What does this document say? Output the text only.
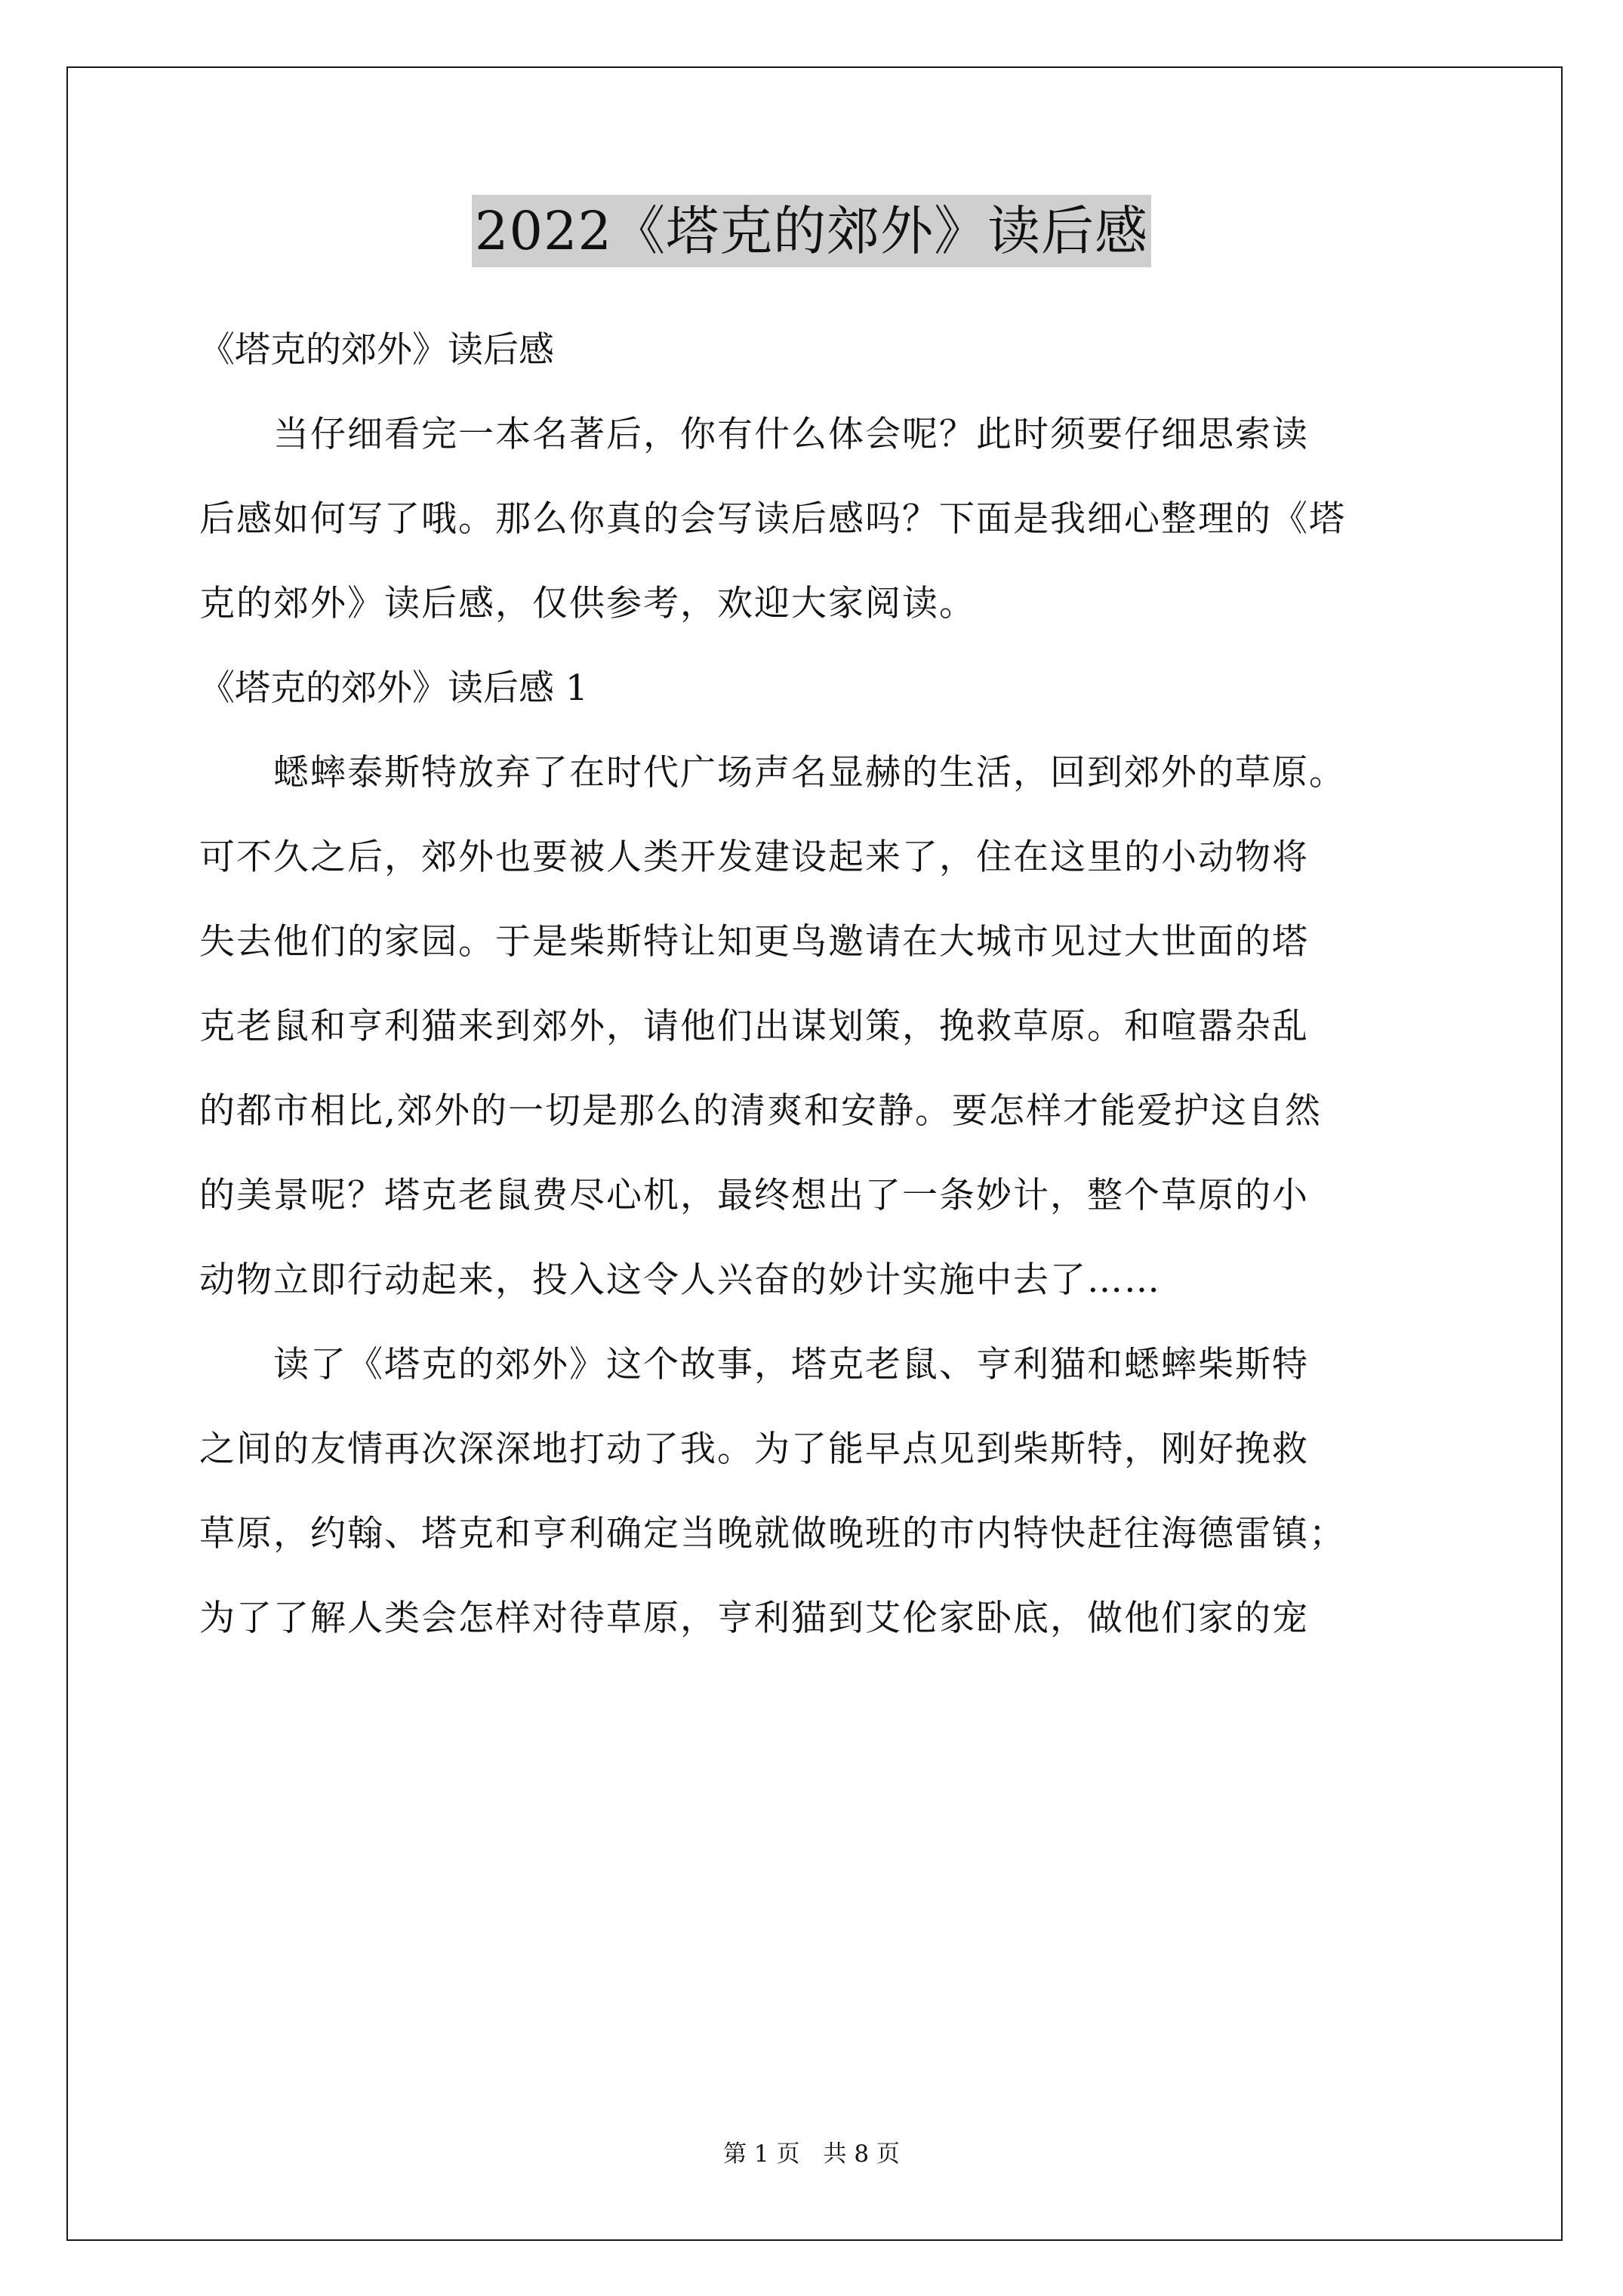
2022《塔克的郊外》读后感
《塔克的郊外》读后感
　　当仔细看完一本名著后，你有什么体会呢？此时须要仔细思索读
后感如何写了哦。那么你真的会写读后感吗？下面是我细心整理的《塔
克的郊外》读后感，仅供参考，欢迎大家阅读。
《塔克的郊外》读后感 1
　　蟋蟀泰斯特放弃了在时代广场声名显赫的生活，回到郊外的草原。
可不久之后，郊外也要被人类开发建设起来了，住在这里的小动物将
失去他们的家园。于是柴斯特让知更鸟邀请在大城市见过大世面的塔
克老鼠和亨利猫来到郊外，请他们出谋划策，挽救草原。和喧嚣杂乱
的都市相比,郊外的一切是那么的清爽和安静。要怎样才能爱护这自然
的美景呢？塔克老鼠费尽心机，最终想出了一条妙计，整个草原的小
动物立即行动起来，投入这令人兴奋的妙计实施中去了……
　　读了《塔克的郊外》这个故事，塔克老鼠、亨利猫和蟋蟀柴斯特
之间的友情再次深深地打动了我。为了能早点见到柴斯特，刚好挽救
草原，约翰、塔克和亨利确定当晚就做晚班的市内特快赶往海德雷镇；
为了了解人类会怎样对待草原，亨利猫到艾伦家卧底，做他们家的宠
第 1 页　共 8 页
